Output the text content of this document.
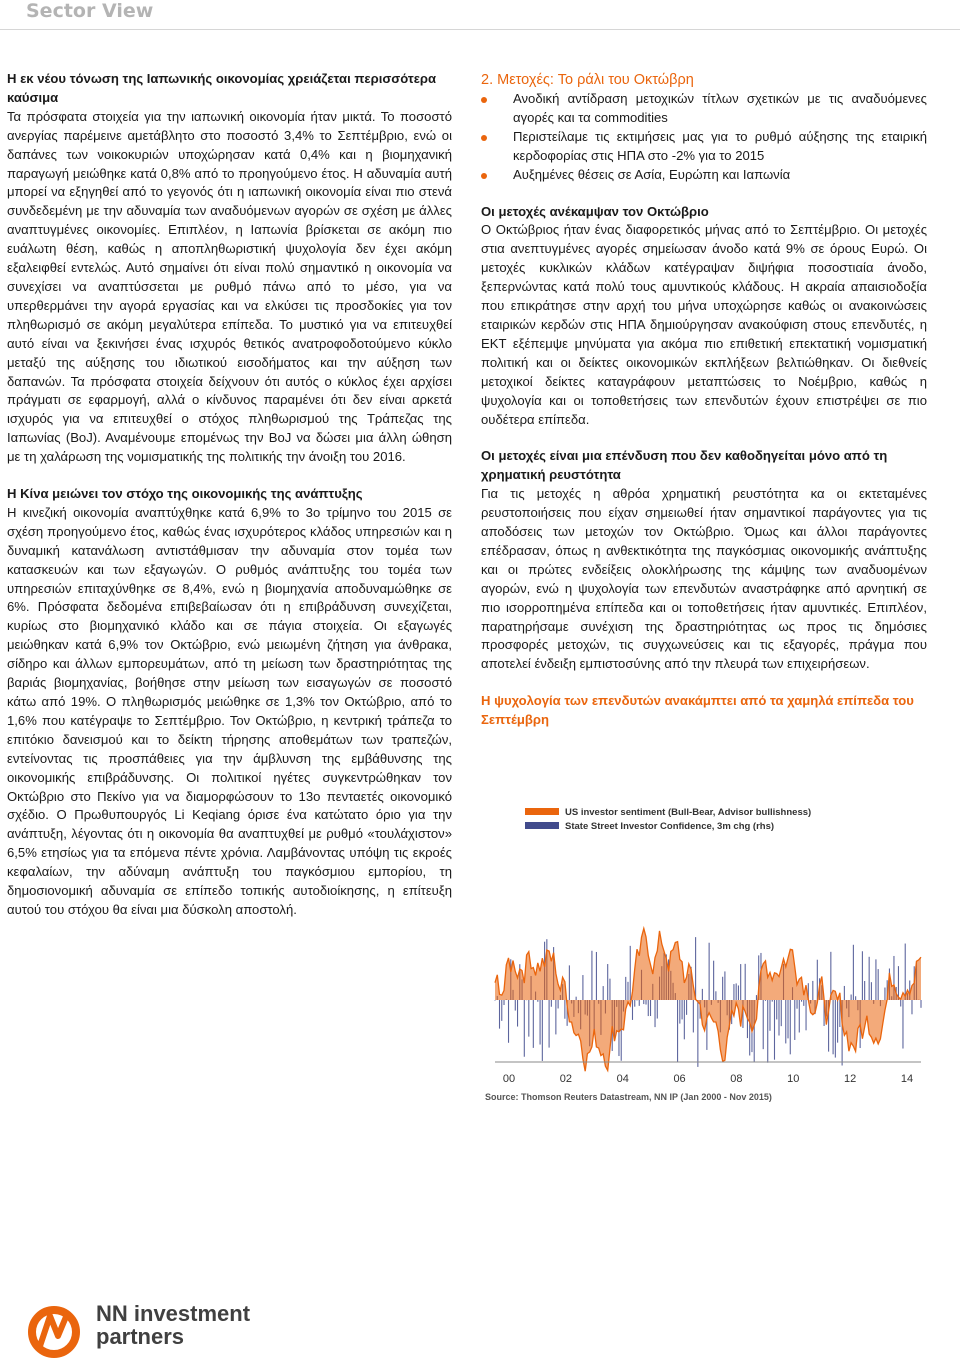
Sector View

Η εκ νέου τόνωση της Ιαπωνικής οικονομίας χρειάζεται περισσότερα καύσιμα

Τα πρόσφατα στοιχεία για την ιαπωνική οικονομία ήταν μικτά. Το ποσοστό ανεργίας παρέμεινε αμετάβλητο στο ποσοστό 3,4% το Σεπτέμβριο, ενώ οι δαπάνες των νοικοκυριών υποχώρησαν κατά 0,4% και η βιομηχανική παραγωγή μειώθηκε κατά 0,8% από το προηγούμενο έτος. Η αδυναμία αυτή μπορεί να εξηγηθεί από το γεγονός ότι η ιαπωνική οικονομία είναι πιο στενά συνδεδεμένη με την αδυναμία των αναδυόμενων αγορών σε σχέση με άλλες αναπτυγμένες οικονομίες. Επιπλέον, η Ιαπωνία βρίσκεται σε ακόμη πιο ευάλωτη θέση, καθώς η αποπληθωριστική ψυχολογία δεν έχει ακόμη εξαλειφθεί εντελώς. Αυτό σημαίνει ότι είναι πολύ σημαντικό η οικονομία να συνεχίσει να αναπτύσσεται με ρυθμό πάνω από το μέσο, για να υπερθερμάνει την αγορά εργασίας και να ελκύσει τις προσδοκίες για τον πληθωρισμό σε ακόμη μεγαλύτερα επίπεδα. Το μυστικό για να επιτευχθεί αυτό είναι να ξεκινήσει ένας ισχυρός θετικός ανατροφοδοτούμενο κύκλο μεταξύ της αύξησης του ιδιωτικού εισοδήματος και την αύξηση των δαπανών. Τα πρόσφατα στοιχεία δείχνουν ότι αυτός ο κύκλος έχει αρχίσει πράγματι σε εφαρμογή, αλλά ο κίνδυνος παραμένει ότι δεν είναι αρκετά ισχυρός για να επιτευχθεί ο στόχος πληθωρισμού της Τράπεζας της Ιαπωνίας (BoJ). Αναμένουμε επομένως την BoJ να δώσει μια άλλη ώθηση με τη χαλάρωση της νομισματικής της πολιτικής την άνοιξη του 2016.

Η Κίνα μειώνει τον στόχο της οικονομικής της ανάπτυξης

Η κινεζική οικονομία αναπτύχθηκε κατά 6,9% το 3ο τρίμηνο του 2015 σε σχέση προηγούμενο έτος, καθώς ένας ισχυρότερος κλάδος υπηρεσιών και η δυναμική κατανάλωση αντιστάθμισαν την αδυναμία στον τομέα των κατασκευών και των εξαγωγών. Ο ρυθμός ανάπτυξης του τομέα των υπηρεσιών επιταχύνθηκε σε 8,4%, ενώ η βιομηχανία αποδυναμώθηκε σε 6%. Πρόσφατα δεδομένα επιβεβαίωσαν ότι η επιβράδυνση συνεχίζεται, κυρίως στο βιομηχανικό κλάδο και σε πάγια στοιχεία. Οι εξαγωγές μειώθηκαν κατά 6,9% τον Οκτώβριο, ενώ μειωμένη ζήτηση για άνθρακα, σίδηρο και άλλων εμπορευμάτων, από τη μείωση των δραστηριότητας της βαριάς βιομηχανίας, βοήθησε στην μείωση των εισαγωγών σε ποσοστό κάτω από 19%. Ο πληθωρισμός μειώθηκε σε 1,3% τον Οκτώβριο, από το 1,6% που κατέγραψε το Σεπτέμβριο. Τον Οκτώβριο, η κεντρική τράπεζα το επιτόκιο δανεισμού και το δείκτη τήρησης αποθεμάτων των τραπεζών, εντείνοντας τις προσπάθειες για την άμβλυνση της εμβάθυνσης της οικονομικής επιβράδυνσης. Οι πολιτικοί ηγέτες συγκεντρώθηκαν τον Οκτώβριο στο Πεκίνο για να διαμορφώσουν το 13ο πενταετές οικονομικό σχέδιο. Ο Πρωθυπουργός Li Keqiang όρισε ένα κατώτατο όριο για την ανάπτυξη, λέγοντας ότι η οικονομία θα αναπτυχθεί με ρυθμό «τουλάχιστον» 6,5% ετησίως για τα επόμενα πέντε χρόνια. Λαμβάνοντας υπόψη τις εκροές κεφαλαίων, την αδύναμη ανάπτυξη του παγκόσμιου εμπορίου, τη δημοσιονομική αδυναμία σε επίπεδο τοπικής αυτοδιοίκησης, η επίτευξη αυτού του στόχου θα είναι μια δύσκολη αποστολή.

2. Μετοχές: Το ράλι του Οκτώβρη

Ανοδική αντίδραση μετοχικών τίτλων σχετικών με τις αναδυόμενες αγορές και τα commodities
Περιστείλαμε τις εκτιμήσεις μας για το ρυθμό αύξησης της εταιρική κερδοφορίας στις ΗΠΑ στο -2% για το 2015
Αυξημένες θέσεις σε Ασία, Ευρώπη και Ιαπωνία

Οι μετοχές ανέκαμψαν τον Οκτώβριο

Ο Οκτώβριος ήταν ένας διαφορετικός μήνας από το Σεπτέμβριο. Οι μετοχές στια ανεπτυγμένες αγορές σημείωσαν άνοδο κατά 9% σε όρους Ευρώ. Οι μετοχές κυκλικών κλάδων κατέγραψαν διψήφια ποσοστιαία άνοδο, ξεπερνώντας κατά πολύ τους αμυντικούς κλάδους. Η ακραία απαισιοδοξία που επικράτησε στην αρχή του μήνα υποχώρησε καθώς οι ανακοινώσεις εταιρικών κερδών στις ΗΠΑ δημιούργησαν ανακούφιση στους επενδυτές, η ΕΚΤ εξέπεμψε μηνύματα για ακόμα πιο επιθετική επεκτατική νομισματική πολιτική και οι δείκτες οικονομικών εκπλήξεων βελτιώθηκαν. Οι διεθνείς μετοχικοί δείκτες καταγράφουν μεταπτώσεις το Νοέμβριο, καθώς η ψυχολογία και οι τοποθετήσεις των επενδυτών έχουν επιστρέψει σε πιο ουδέτερα επίπεδα.

Οι μετοχές είναι μια επένδυση που δεν καθοδηγείται μόνο από τη χρηματική ρευστότητα

Για τις μετοχές η αθρόα χρηματική ρευστότητα κα οι εκτεταμένες ρευστοποιήσεις που είχαν σημειωθεί ήταν σημαντικοί παράγοντες για τις αποδόσεις των μετοχών τον Οκτώβριο. Όμως και άλλοι παράγοντες επέδρασαν, όπως η ανθεκτικότητα της παγκόσμιας οικονομικής ανάπτυξης και οι πρώτες ενδείξεις ολοκλήρωσης της κάμψης των αναδυομένων αγορών, ενώ η ψυχολογία των επενδυτών αναστράφηκε από αρνητική σε πιο ισορροπημένα επίπεδα και οι τοποθετήσεις ήταν αμυντικές. Επιπλέον, παρατηρήσαμε συνέχιση της δραστηριότητας ως προς τις δημόσιες προσφορές μετοχών, τις συγχωνεύσεις και τις εξαγορές, πράγμα που αποτελεί ένδειξη εμπιστοσύνης από την πλευρά των επιχειρήσεων.

Η ψυχολογία των επενδυτών ανακάμπτει από τα χαμηλά επίπεδα του Σεπτέμβρη

00	02	04	06	08	10	12	14
US investor sentiment (Bull-Bear, Advisor bullishness)
State Street Investor Confidence, 3m chg (rhs)
Source: Thomson Reuters Datastream, NN IP (Jan 2000 - Nov 2015)
NN investment
partners
